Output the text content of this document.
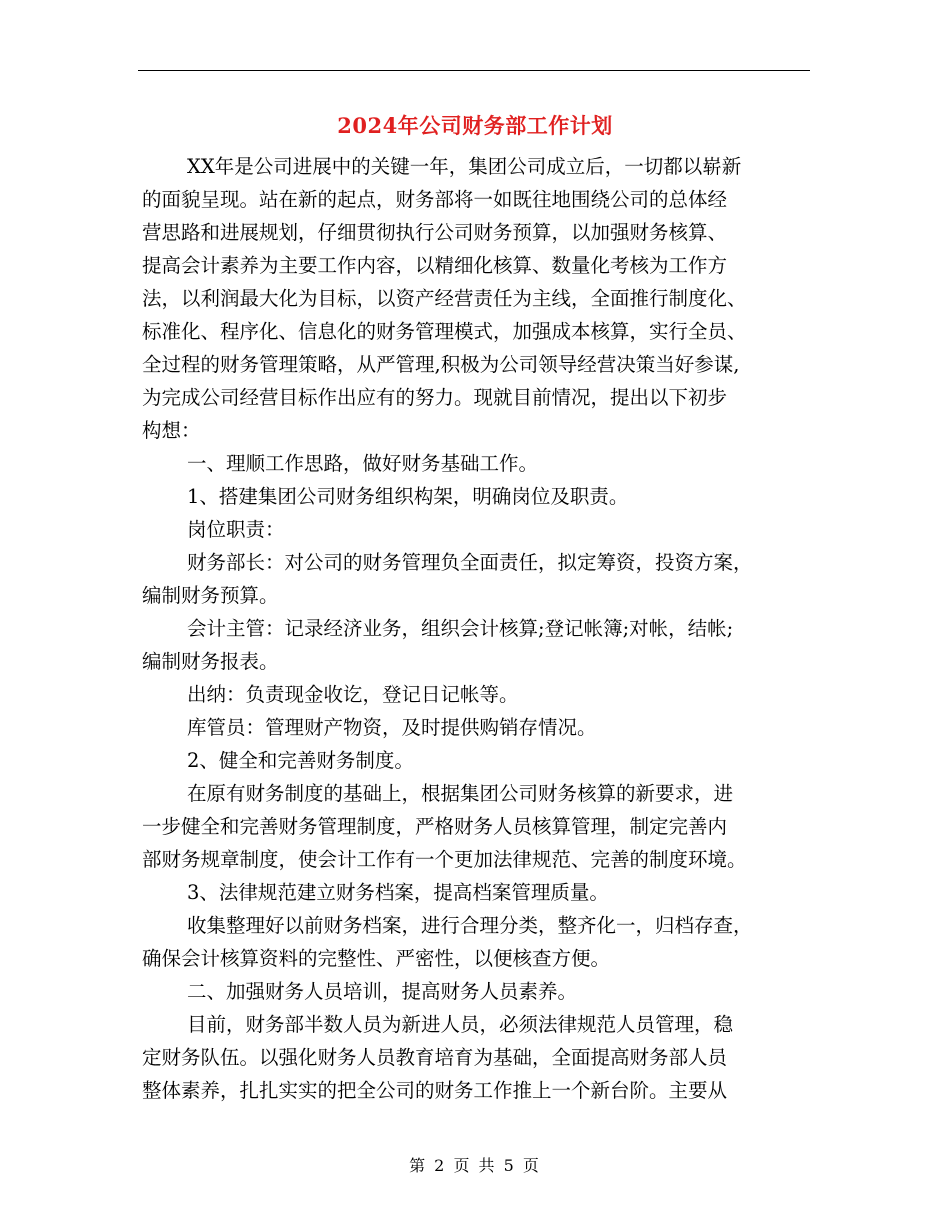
2024年公司财务部工作计划
XX年是公司进展中的关键一年，集团公司成立后，一切都以崭新
的面貌呈现。站在新的起点，财务部将一如既往地围绕公司的总体经
营思路和进展规划，仔细贯彻执行公司财务预算，以加强财务核算、
提高会计素养为主要工作内容，以精细化核算、数量化考核为工作方
法，以利润最大化为目标，以资产经营责任为主线，全面推行制度化、
标准化、程序化、信息化的财务管理模式，加强成本核算，实行全员、
全过程的财务管理策略，从严管理,积极为公司领导经营决策当好参谋,
为完成公司经营目标作出应有的努力。现就目前情况，提出以下初步
构想：
一、理顺工作思路，做好财务基础工作。
1、搭建集团公司财务组织构架，明确岗位及职责。
岗位职责：
财务部长：对公司的财务管理负全面责任，拟定筹资，投资方案，
编制财务预算。
会计主管：记录经济业务，组织会计核算;登记帐簿;对帐，结帐;
编制财务报表。
出纳：负责现金收讫，登记日记帐等。
库管员：管理财产物资，及时提供购销存情况。
2、健全和完善财务制度。
在原有财务制度的基础上，根据集团公司财务核算的新要求，进
一步健全和完善财务管理制度，严格财务人员核算管理，制定完善内
部财务规章制度，使会计工作有一个更加法律规范、完善的制度环境。
3、法律规范建立财务档案，提高档案管理质量。
收集整理好以前财务档案，进行合理分类，整齐化一，归档存查，
确保会计核算资料的完整性、严密性，以便核查方便。
二、加强财务人员培训，提高财务人员素养。
目前，财务部半数人员为新进人员，必须法律规范人员管理，稳
定财务队伍。以强化财务人员教育培育为基础，全面提高财务部人员
整体素养，扎扎实实的把全公司的财务工作推上一个新台阶。主要从
第 2 页 共 5 页
